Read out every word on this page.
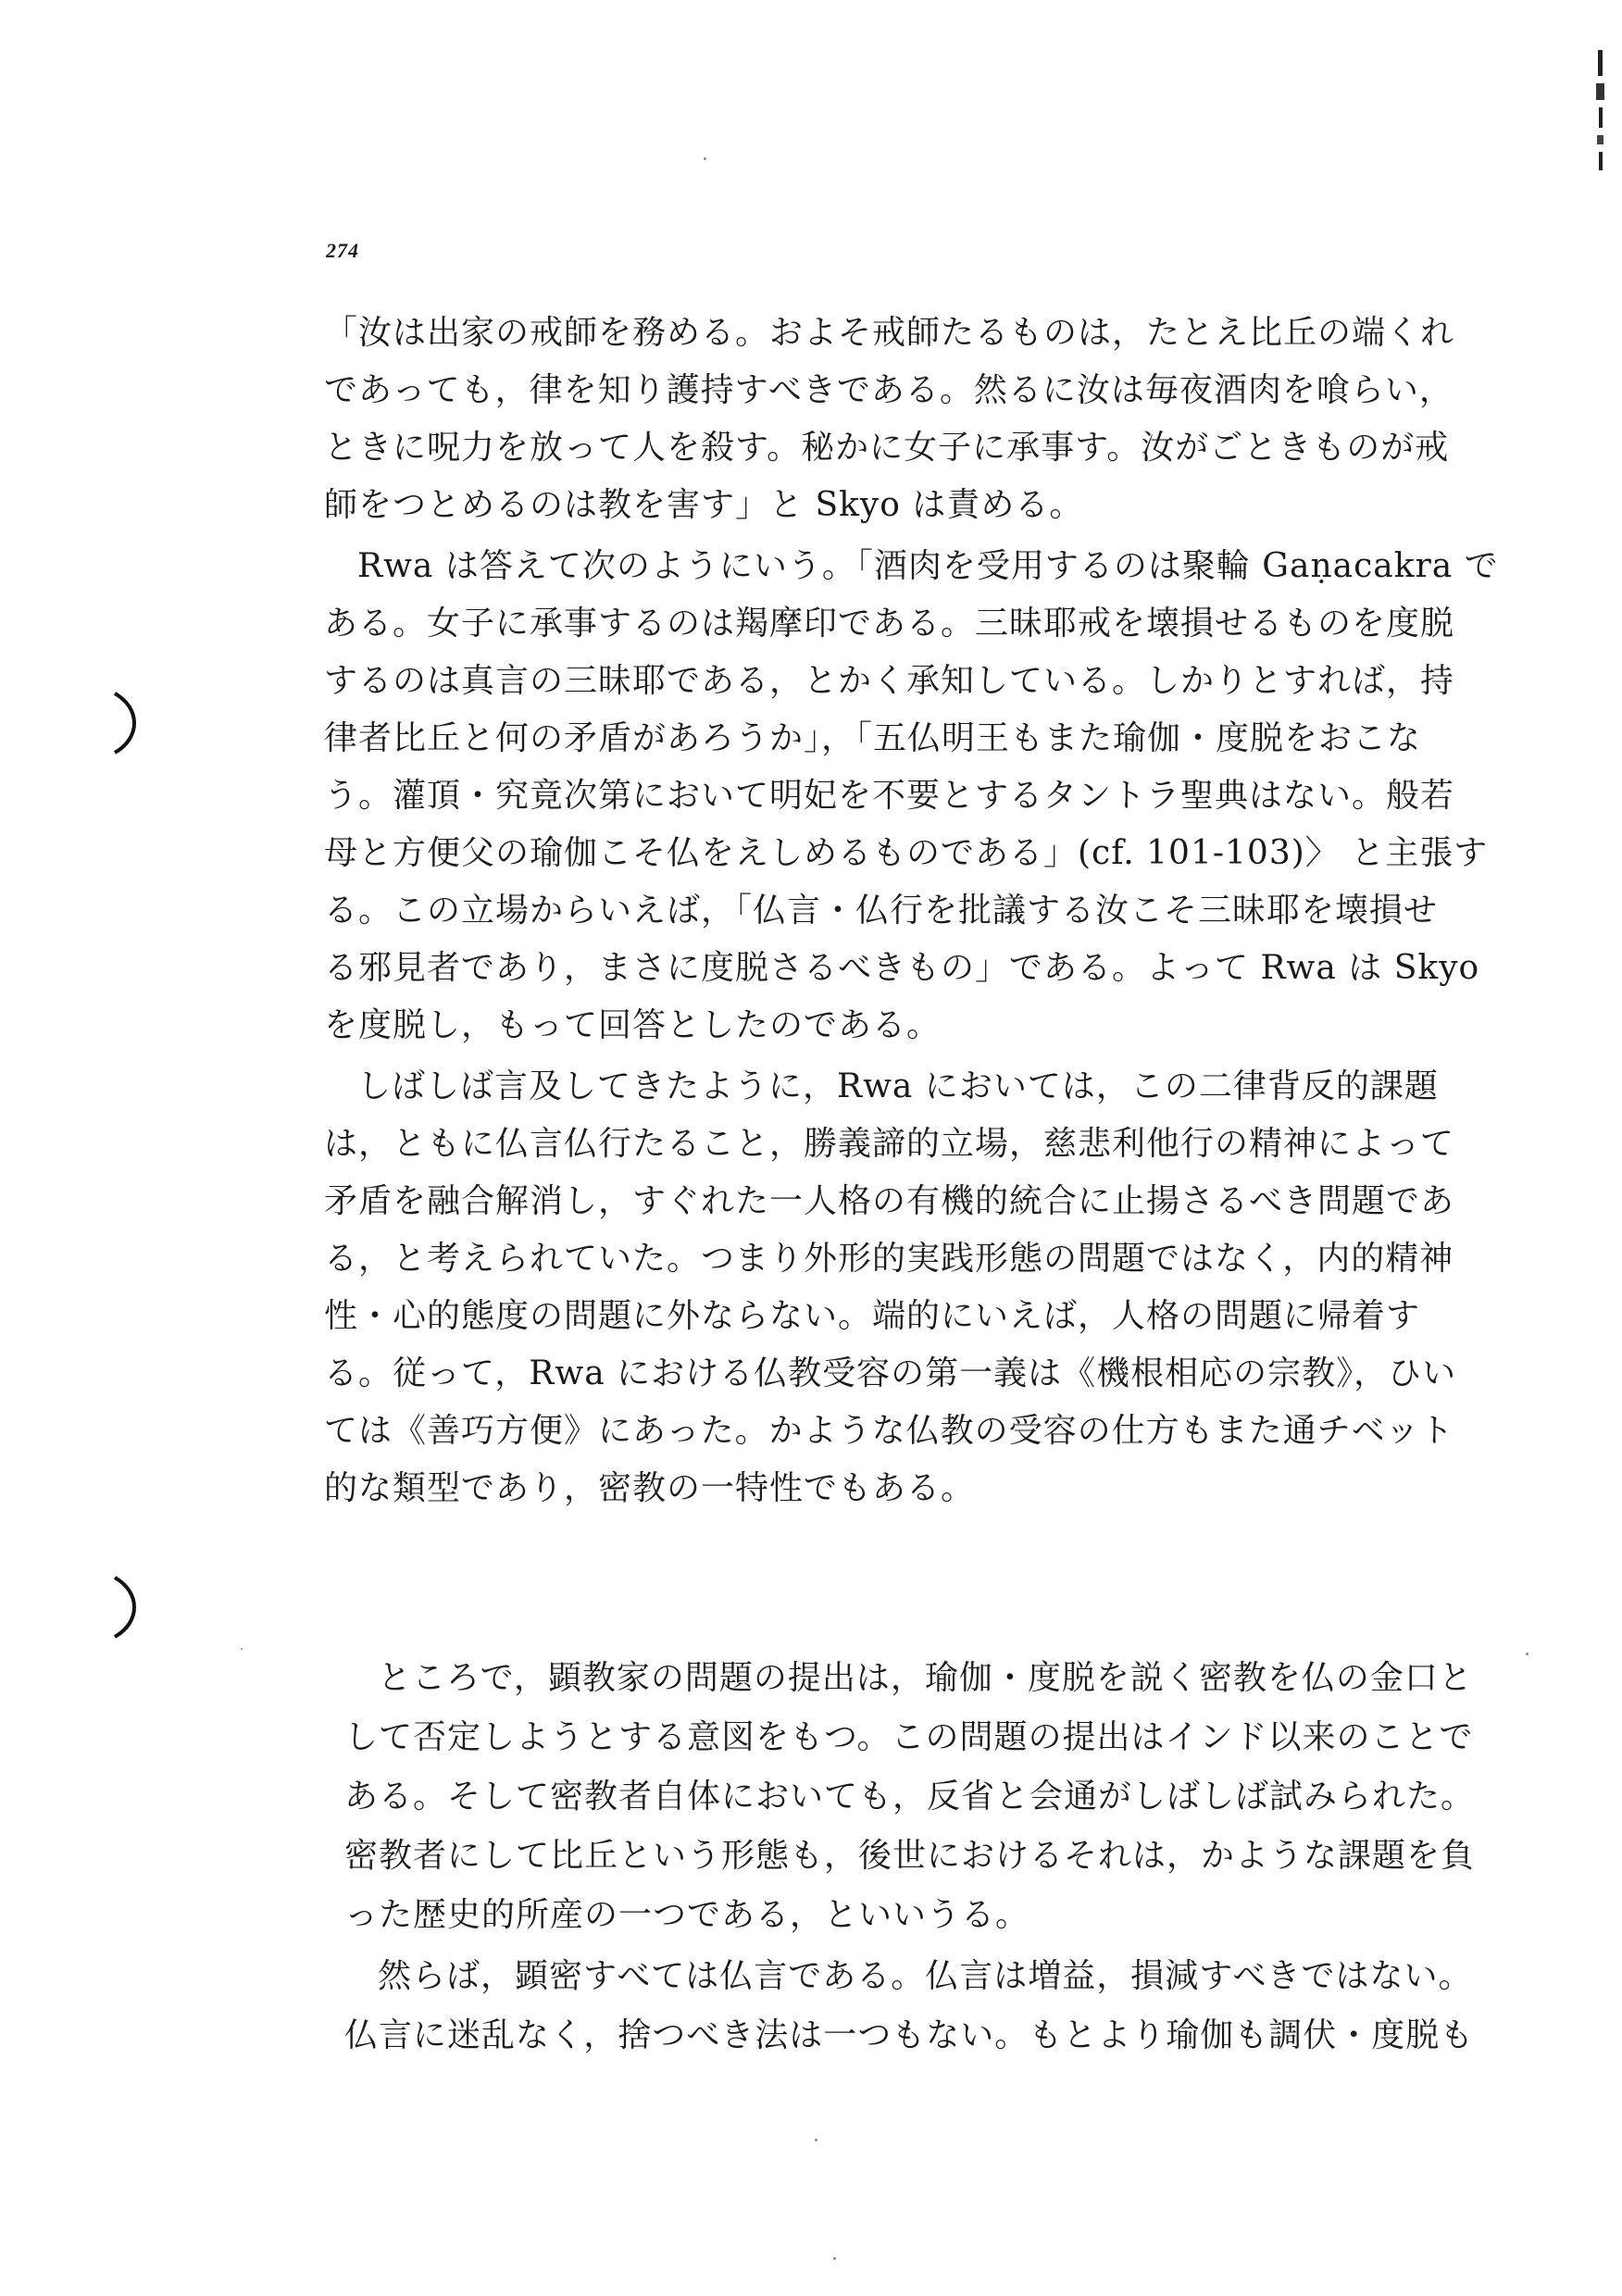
274
「汝は出家の戒師を務める。およそ戒師たるものは，たとえ比丘の端くれ
であっても，律を知り護持すべきである。然るに汝は毎夜酒肉を喰らい，
ときに呪力を放って人を殺す。秘かに女子に承事す。汝がごときものが戒
師をつとめるのは教を害す」と Skyo は責める。
Rwa は答えて次のようにいう。「酒肉を受用するのは聚輪 Gaṇacakra で
ある。女子に承事するのは羯摩印である。三昧耶戒を壊損せるものを度脱
するのは真言の三昧耶である，とかく承知している。しかりとすれば，持
律者比丘と何の矛盾があろうか」，「五仏明王もまた瑜伽・度脱をおこな
う。灌頂・究竟次第において明妃を不要とするタントラ聖典はない。般若
母と方便父の瑜伽こそ仏をえしめるものである」(cf. 101-103)〉 と主張す
る。この立場からいえば，「仏言・仏行を批議する汝こそ三昧耶を壊損せ
る邪見者であり，まさに度脱さるべきもの」である。よって Rwa は Skyo
を度脱し，もって回答としたのである。
しばしば言及してきたように，Rwa においては，この二律背反的課題
は，ともに仏言仏行たること，勝義諦的立場，慈悲利他行の精神によって
矛盾を融合解消し，すぐれた一人格の有機的統合に止揚さるべき問題であ
る，と考えられていた。つまり外形的実践形態の問題ではなく，内的精神
性・心的態度の問題に外ならない。端的にいえば，人格の問題に帰着す
る。従って，Rwa における仏教受容の第一義は《機根相応の宗教》，ひい
ては《善巧方便》にあった。かような仏教の受容の仕方もまた通チベット
的な類型であり，密教の一特性でもある。
ところで，顕教家の問題の提出は，瑜伽・度脱を説く密教を仏の金口と
して否定しようとする意図をもつ。この問題の提出はインド以来のことで
ある。そして密教者自体においても，反省と会通がしばしば試みられた。
密教者にして比丘という形態も，後世におけるそれは，かような課題を負
った歴史的所産の一つである，といいうる。
然らば，顕密すべては仏言である。仏言は増益，損減すべきではない。
仏言に迷乱なく，捨つべき法は一つもない。もとより瑜伽も調伏・度脱も
